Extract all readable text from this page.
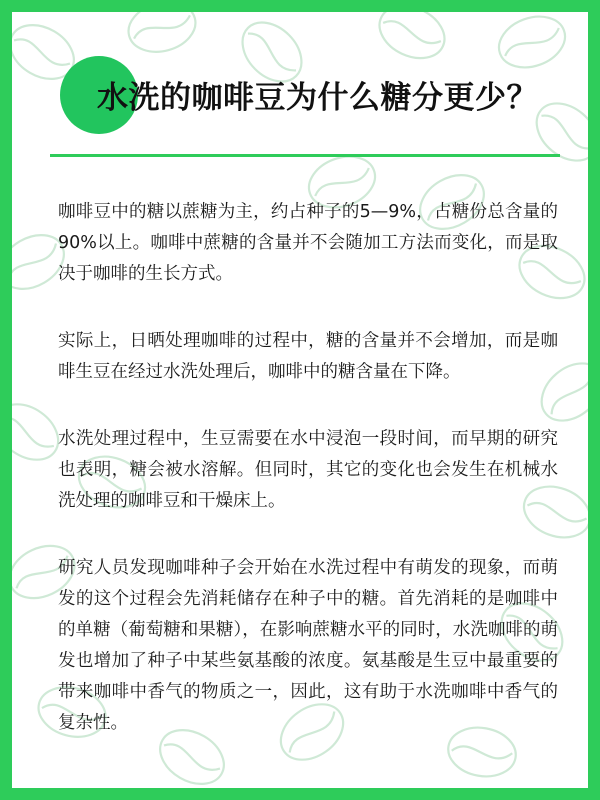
水洗的咖啡豆为什么糖分更少？

咖啡豆中的糖以蔗糖为主，约占种子的5—9%，占糖份总含量的90%以上。咖啡中蔗糖的含量并不会随加工方法而变化，而是取决于咖啡的生长方式。

实际上，日晒处理咖啡的过程中，糖的含量并不会增加，而是咖啡生豆在经过水洗处理后，咖啡中的糖含量在下降。

水洗处理过程中，生豆需要在水中浸泡一段时间，而早期的研究也表明，糖会被水溶解。但同时，其它的变化也会发生在机械水洗处理的咖啡豆和干燥床上。

研究人员发现咖啡种子会开始在水洗过程中有萌发的现象，而萌发的这个过程会先消耗储存在种子中的糖。首先消耗的是咖啡中的单糖（葡萄糖和果糖），在影响蔗糖水平的同时，水洗咖啡的萌发也增加了种子中某些氨基酸的浓度。氨基酸是生豆中最重要的带来咖啡中香气的物质之一，因此，这有助于水洗咖啡中香气的复杂性。
